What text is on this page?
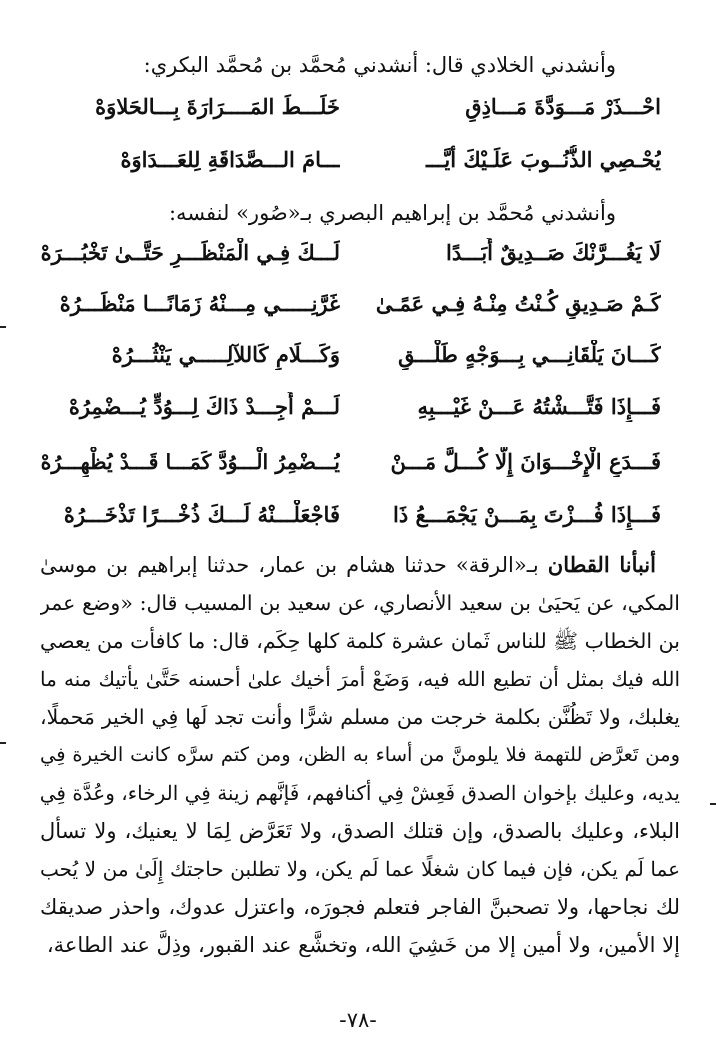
وأنشدني الخلادي قال: أنشدني مُحمَّد بن مُحمَّد البكري:
احْـــذَرْ مَـــوَدَّةَ مَـــاذِقٍ
خَلَـــطَ المَــــرَارَةَ بِـــالحَلاوَهْ
يُحْـصِي الذُّنُــوبَ عَلَـيْكَ أيَّـــ
ـــامَ الـــصَّدَاقَةِ لِلعَـــدَاوَهْ
وأنشدني مُحمَّد بن إبراهيم البصري بـ«صُور» لنفسه:
لَا يَغُـــرَّنْكَ صَــدِيقٌ أَبَـــدًا
لَـــكَ فِـي الْمَنْظَـــرِ حَتَّــىٰ تَخْبُـــرَهْ
كَـمْ صَـدِيقٍ كُـنْتُ مِنْـهُ فِـي عَمًـىٰ
غَرَّنِـــــي مِـــنْهُ زَمَانًـــا مَنْظَـــرُهْ
كَـــانَ يَلْقَانِـــي بِـــوَجْهٍ طَلْـــقٍ
وَكَـــلَامٍ كَاللآلِـــــي يَنْثُـــرُهْ
فَـــإِذَا فَتَّـــشْتُهُ عَـــنْ غَيْـــبِهِ
لَـــمْ أَجِـــدْ ذَاكَ لِـــوُدٍّ يُـــضْمِرُهْ
فَـــدَعِ الْإِخْـــوَانَ إِلَّا كُـــلَّ مَـــنْ
يُـــضْمِرُ الْـــوُدَّ كَمَـــا قَـــدْ يُظْهِـــرُهْ
فَـــإِذَا فُـــزْتَ بِمَـــنْ يَجْمَـــعُ ذَا
فَاجْعَلْـــنْهُ لَـــكَ ذُخْـــرًا تَذْخَـــرُهْ
أنبأنا القطان بـ«الرقة» حدثنا هشام بن عمار، حدثنا إبراهيم بن موسىٰ
المكي، عن يَحيَىٰ بن سعيد الأنصاري، عن سعيد بن المسيب قال: «وضع عمر
بن الخطاب ﷺ للناس ثَمان عشرة كلمة كلها حِكَم، قال: ما كافأت من يعصي
الله فيك بمثل أن تطيع الله فيه، وَضَعْ أمرَ أخيك علىٰ أحسنه حَتَّىٰ يأتيك منه ما
يغلبك، ولا تَظُنَّن بكلمة خرجت من مسلم شرًّا وأنت تجد لَها فِي الخير مَحملًا،
ومن تَعرَّض للتهمة فلا يلومنَّ من أساء به الظن، ومن كتم سرَّه كانت الخيرة فِي
يديه، وعليك بإخوان الصدق فَعِشْ فِي أكنافهم، فَإنَّهم زينة فِي الرخاء، وعُدَّة فِي
البلاء، وعليك بالصدق، وإن قتلك الصدق، ولا تَعَرَّض لِمَا لا يعنيك، ولا تسأل
عما لَم يكن، فإن فيما كان شغلًا عما لَم يكن، ولا تطلبن حاجتك إِلَىٰ من لا يُحب
لك نجاحها، ولا تصحبنَّ الفاجر فتعلم فجورَه، واعتزل عدوك، واحذر صديقك
إلا الأمين، ولا أمين إلا من خَشِيَ الله، وتخشَّع عند القبور، وذِلَّ عند الطاعة،
-٧٨-
